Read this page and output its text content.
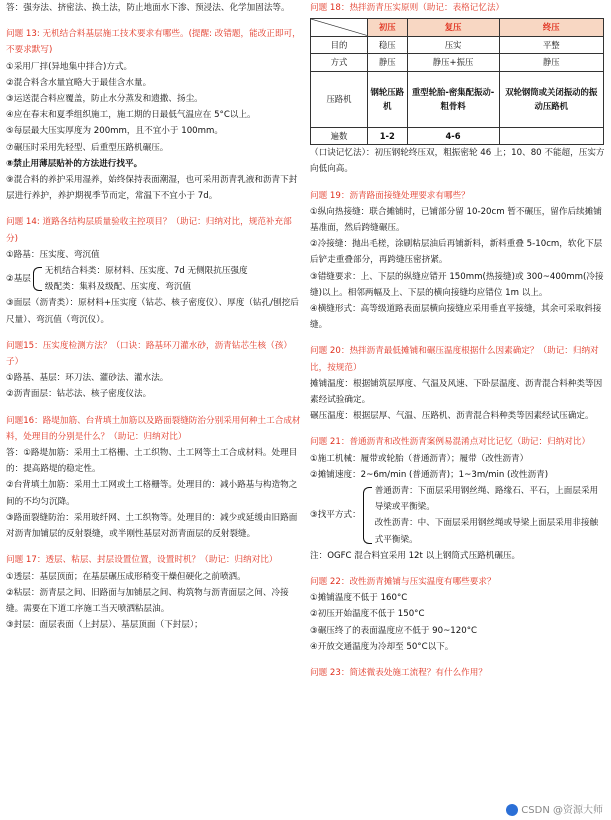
答：强夯法、挤密法、换土法，防止地面水下渗、预浸法、化学加固法等。

问题 13: 无机结合料基层施工技术要求有哪些。(提醒: 改错题，能改正即可，不要求默写)

①采用厂拌(异地集中拌合)方式。

②混合料含水量宜略大于最佳含水量。

③运送混合料应覆盖，防止水分蒸发和遗撒、扬尘。

④应在春末和夏季组织施工，施工期的日最低气温应在 5°C以上。

⑤每层最大压实厚度为 200mm，且不宜小于 100mm。

⑦碾压时采用先轻型、后重型压路机碾压。

⑧禁止用薄层贴补的方法进行找平。

⑨混合料的养护采用湿养，始终保持表面潮湿，也可采用沥青乳液和沥青下封层进行养护，养护期视季节而定，常温下不宜小于 7d。

问题 14: 道路各结构层质量验收主控项目？（助记：归纳对比，规范补充部分)

①路基：压实度、弯沉值

②基层

无机结合料类：原材料、压实度、7d 无侧限抗压强度

级配类：集料及级配、压实度、弯沉值

③面层（沥青类）：原材料+压实度（钻芯、核子密度仪）、厚度（钻孔/刨挖后尺量）、弯沉值（弯沉仪）。

问题15：压实度检测方法？（口诀：路基环刀灌水砂，沥青钻芯生核（孩）子）

①路基、基层：环刀法、灌砂法、灌水法。

②沥青面层：钻芯法、核子密度仪法。

问题16：路堤加筋、台背填土加筋以及路面裂缝防治分别采用何种土工合成材料，处理目的分别是什么？（助记：归纳对比）

答：①路堤加筋：采用土工格栅、土工织物、土工网等土工合成材料。处理目的：提高路堤的稳定性。

②台背填土加筋：采用土工网或土工格栅等。处理目的：减小路基与构造物之间的不均匀沉降。

③路面裂缝防治：采用玻纤网、土工织物等。处理目的：减少或延缓由旧路面对沥青加铺层的反射裂缝，或半刚性基层对沥青面层的反射裂缝。

问题 17：透层、粘层、封层设置位置，设置时机？（助记：归纳对比）

①透层：基层顶面；在基层碾压成形稍变干燥但硬化之前喷洒。

②粘层：沥青层之间、旧路面与加铺层之间、构筑物与沥青面层之间、冷接缝。需要在下道工序施工当天喷洒粘层油。

③封层：面层表面（上封层）、基层顶面（下封层）；

问题 18：热拌沥青压实原则（助记：表格记忆法）

	初压	复压	终压
目的	稳压	压实	平整
方式	静压	静压+振压	静压
压路机	钢轮压路机	重型轮胎-密集配振动-粗骨料	双轮钢筒或关闭振动的振动压路机
遍数	1-2	4-6	

（口诀记忆法）：初压钢轮终压双，粗振密轮 46 上；10、80 不能超，压实方向低向高。

问题 19：沥青路面接缝处理要求有哪些？

①纵向热接缝：联合摊铺时，已铺部分留 10-20cm 暂不碾压，留作后续摊铺基准面，然后跨缝碾压。

②冷接缝：抛出毛槎，涂刷粘层油后再铺新料，新料重叠 5-10cm，软化下层后铲走重叠部分，再跨缝压密挤紧。

③错缝要求：上、下层的纵缝应错开 150mm(热接缝)或 300~400mm(冷接缝)以上。相邻两幅及上、下层的横向接缝均应错位 1m 以上。

④横缝形式：高等级道路表面层横向接缝应采用垂直平接缝，其余可采取斜接缝。

问题 20：热拌沥青最低摊铺和碾压温度根据什么因素确定？（助记：归纳对比，按规范）

摊铺温度：根据铺筑层厚度、气温及风速、下卧层温度、沥青混合料种类等因素经试验确定。

碾压温度：根据层厚、气温、压路机、沥青混合料种类等因素经试压确定。

问题 21：普通沥青和改性沥青案例易混淆点对比记忆（助记：归纳对比）

①施工机械：履带或轮胎（普通沥青）；履带（改性沥青）

②摊铺速度：2~6m/min (普通沥青)；1~3m/min (改性沥青)

③找平方式：

普通沥青：下面层采用钢丝绳、路缘石、平石，上面层采用导梁或平衡梁。

改性沥青：中、下面层采用钢丝绳或导梁上面层采用非接触式平衡梁。

注：OGFC 混合料宜采用 12t 以上钢筒式压路机碾压。

问题 22：改性沥青摊铺与压实温度有哪些要求？

①摊铺温度不低于 160°C

②初压开始温度不低于 150°C

③碾压终了的表面温度应不低于 90~120°C

④开放交通温度为冷却至 50°C以下。

问题 23：简述微表处施工流程？有什么作用？

CSDN @资源大师
